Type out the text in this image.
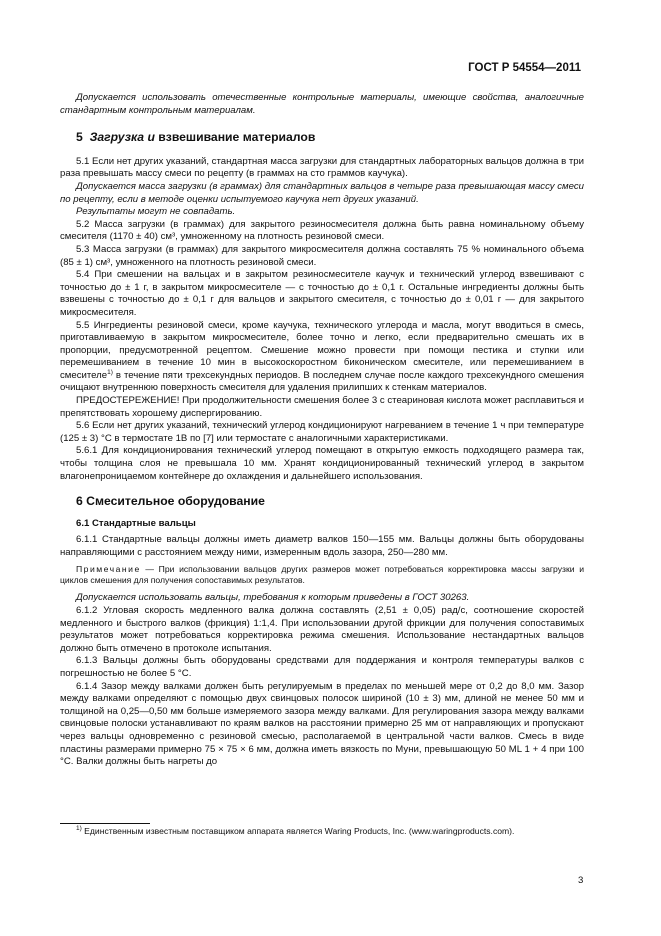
ГОСТ Р 54554—2011

Допускается использовать отечественные контрольные материалы, имеющие свойства, аналогичные стандартным контрольным материалам.

5 Загрузка и взвешивание материалов

5.1 Если нет других указаний, стандартная масса загрузки для стандартных лабораторных вальцов должна в три раза превышать массу смеси по рецепту (в граммах на сто граммов каучука).

Допускается масса загрузки (в граммах) для стандартных вальцов в четыре раза превышающая массу смеси по рецепту, если в методе оценки испытуемого каучука нет других указаний.

Результаты могут не совпадать.

5.2 Масса загрузки (в граммах) для закрытого резиносмесителя должна быть равна номинальному объему смесителя (1170 ± 40) см³, умноженному на плотность резиновой смеси.

5.3 Масса загрузки (в граммах) для закрытого микросмесителя должна составлять 75 % номинального объема (85 ± 1) см³, умноженного на плотность резиновой смеси.

5.4 При смешении на вальцах и в закрытом резиносмесителе каучук и технический углерод взвешивают с точностью до ± 1 г, в закрытом микросмесителе — с точностью до ± 0,1 г. Остальные ингредиенты должны быть взвешены с точностью до ± 0,1 г для вальцов и закрытого смесителя, с точностью до ± 0,01 г — для закрытого микросмесителя.

5.5 Ингредиенты резиновой смеси, кроме каучука, технического углерода и масла, могут вводиться в смесь, приготавливаемую в закрытом микросмесителе, более точно и легко, если предварительно смешать их в пропорции, предусмотренной рецептом. Смешение можно провести при помощи пестика и ступки или перемешиванием в течение 10 мин в высокоскоростном биконическом смесителе, или перемешиванием в смесителе$^{1)}$ в течение пяти трехсекундных периодов. В последнем случае после каждого трехсекундного смешения очищают внутреннюю поверхность смесителя для удаления прилипших к стенкам материалов.

ПРЕДОСТЕРЕЖЕНИЕ! При продолжительности смешения более 3 с стеариновая кислота может расплавиться и препятствовать хорошему диспергированию.

5.6 Если нет других указаний, технический углерод кондиционируют нагреванием в течение 1 ч при температуре (125 ± 3) °С в термостате 1В по [7] или термостате с аналогичными характеристиками.

5.6.1 Для кондиционирования технический углерод помещают в открытую емкость подходящего размера так, чтобы толщина слоя не превышала 10 мм. Хранят кондиционированный технический углерод в закрытом влагонепроницаемом контейнере до охлаждения и дальнейшего использования.

6 Смесительное оборудование
6.1 Стандартные вальцы

6.1.1 Стандартные вальцы должны иметь диаметр валков 150—155 мм. Вальцы должны быть оборудованы направляющими с расстоянием между ними, измеренным вдоль зазора, 250—280 мм.

Примечание — При использовании вальцов других размеров может потребоваться корректировка массы загрузки и циклов смешения для получения сопоставимых результатов.

Допускается использовать вальцы, требования к которым приведены в ГОСТ 30263.

6.1.2 Угловая скорость медленного валка должна составлять (2,51 ± 0,05) рад/с, соотношение скоростей медленного и быстрого валков (фрикция) 1:1,4. При использовании другой фрикции для получения сопоставимых результатов может потребоваться корректировка режима смешения. Использование нестандартных вальцов должно быть отмечено в протоколе испытания.

6.1.3 Вальцы должны быть оборудованы средствами для поддержания и контроля температуры валков с погрешностью не более 5 °С.

6.1.4 Зазор между валками должен быть регулируемым в пределах по меньшей мере от 0,2 до 8,0 мм. Зазор между валками определяют с помощью двух свинцовых полосок шириной (10 ± 3) мм, длиной не менее 50 мм и толщиной на 0,25—0,50 мм больше измеряемого зазора между валками. Для регулирования зазора между валками свинцовые полоски устанавливают по краям валков на расстоянии примерно 25 мм от направляющих и пропускают через вальцы одновременно с резиновой смесью, располагаемой в центральной части валков. Смесь в виде пластины размерами примерно 75 × 75 × 6 мм, должна иметь вязкость по Муни, превышающую 50 ML 1 + 4 при 100 °С. Валки должны быть нагреты до

$^{1)}$ Единственным известным поставщиком аппарата является Waring Products, Inc. (www.waringproducts.com).
3
